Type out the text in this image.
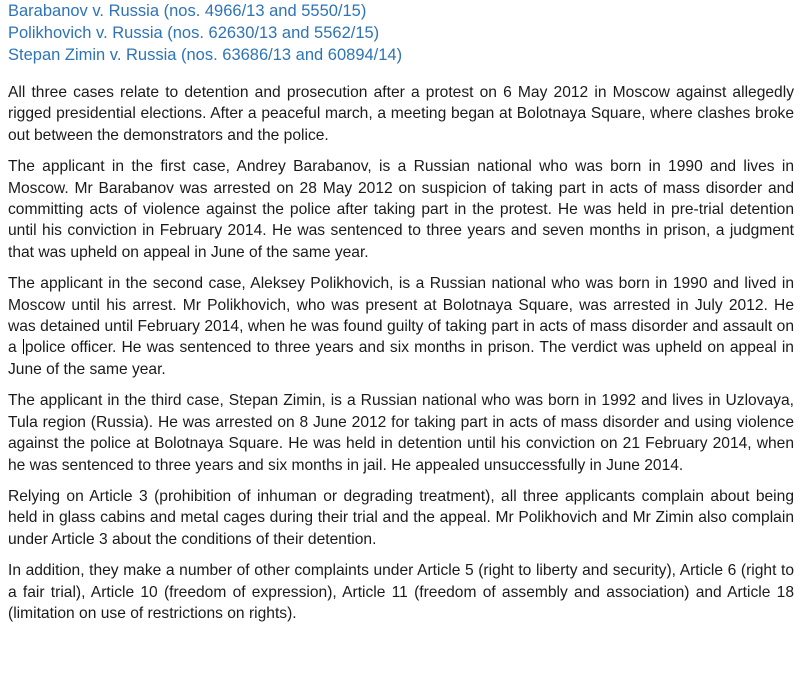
Barabanov v. Russia (nos. 4966/13 and 5550/15)

Polikhovich v. Russia (nos. 62630/13 and 5562/15)

Stepan Zimin v. Russia (nos. 63686/13 and 60894/14)

All three cases relate to detention and prosecution after a protest on 6 May 2012 in Moscow against allegedly rigged presidential elections. After a peaceful march, a meeting began at Bolotnaya Square, where clashes broke out between the demonstrators and the police.

The applicant in the first case, Andrey Barabanov, is a Russian national who was born in 1990 and lives in Moscow. Mr Barabanov was arrested on 28 May 2012 on suspicion of taking part in acts of mass disorder and committing acts of violence against the police after taking part in the protest. He was held in pre-trial detention until his conviction in February 2014. He was sentenced to three years and seven months in prison, a judgment that was upheld on appeal in June of the same year.

The applicant in the second case, Aleksey Polikhovich, is a Russian national who was born in 1990 and lived in Moscow until his arrest. Mr Polikhovich, who was present at Bolotnaya Square, was arrested in July 2012. He was detained until February 2014, when he was found guilty of taking part in acts of mass disorder and assault on a police officer. He was sentenced to three years and six months in prison. The verdict was upheld on appeal in June of the same year.

The applicant in the third case, Stepan Zimin, is a Russian national who was born in 1992 and lives in Uzlovaya, Tula region (Russia). He was arrested on 8 June 2012 for taking part in acts of mass disorder and using violence against the police at Bolotnaya Square. He was held in detention until his conviction on 21 February 2014, when he was sentenced to three years and six months in jail. He appealed unsuccessfully in June 2014.

Relying on Article 3 (prohibition of inhuman or degrading treatment), all three applicants complain about being held in glass cabins and metal cages during their trial and the appeal. Mr Polikhovich and Mr Zimin also complain under Article 3 about the conditions of their detention.

In addition, they make a number of other complaints under Article 5 (right to liberty and security), Article 6 (right to a fair trial), Article 10 (freedom of expression), Article 11 (freedom of assembly and association) and Article 18 (limitation on use of restrictions on rights).
